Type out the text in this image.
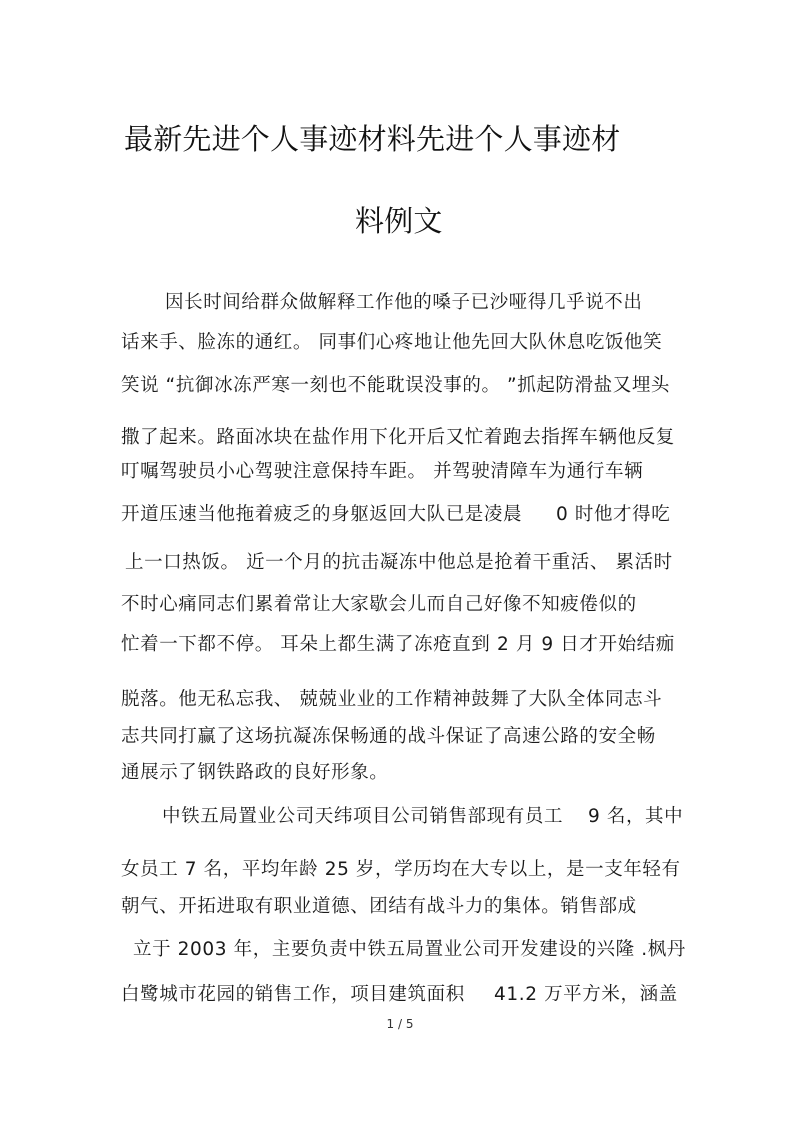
最新先进个人事迹材料先进个人事迹材
料例文
因长时间给群众做解释工作他的嗓子已沙哑得几乎说不出
话来手、脸冻的通红。 同事们心疼地让他先回大队休息吃饭他笑
笑说 “抗御冰冻严寒一刻也不能耽误没事的。 ”抓起防滑盐又埋头
撒了起来。路面冰块在盐作用下化开后又忙着跑去指挥车辆他反复
叮嘱驾驶员小心驾驶注意保持车距。 并驾驶清障车为通行车辆
开道压速当他拖着疲乏的身躯返回大队已是凌晨 0 时他才得吃
上一口热饭。 近一个月的抗击凝冻中他总是抢着干重活、 累活时
不时心痛同志们累着常让大家歇会儿而自己好像不知疲倦似的
忙着一下都不停。 耳朵上都生满了冻疮直到 2 月 9 日才开始结痂
脱落。他无私忘我、 兢兢业业的工作精神鼓舞了大队全体同志斗
志共同打赢了这场抗凝冻保畅通的战斗保证了高速公路的安全畅
通展示了钢铁路政的良好形象。
中铁五局置业公司天纬项目公司销售部现有员工 9 名，其中
女员工 7 名，平均年龄 25 岁，学历均在大专以上，是一支年轻有
朝气、开拓进取有职业道德、团结有战斗力的集体。销售部成
立于 2003 年，主要负责中铁五局置业公司开发建设的兴隆 .枫丹
白鹭城市花园的销售工作，项目建筑面积 41.2 万平方米，涵盖
1 / 5
